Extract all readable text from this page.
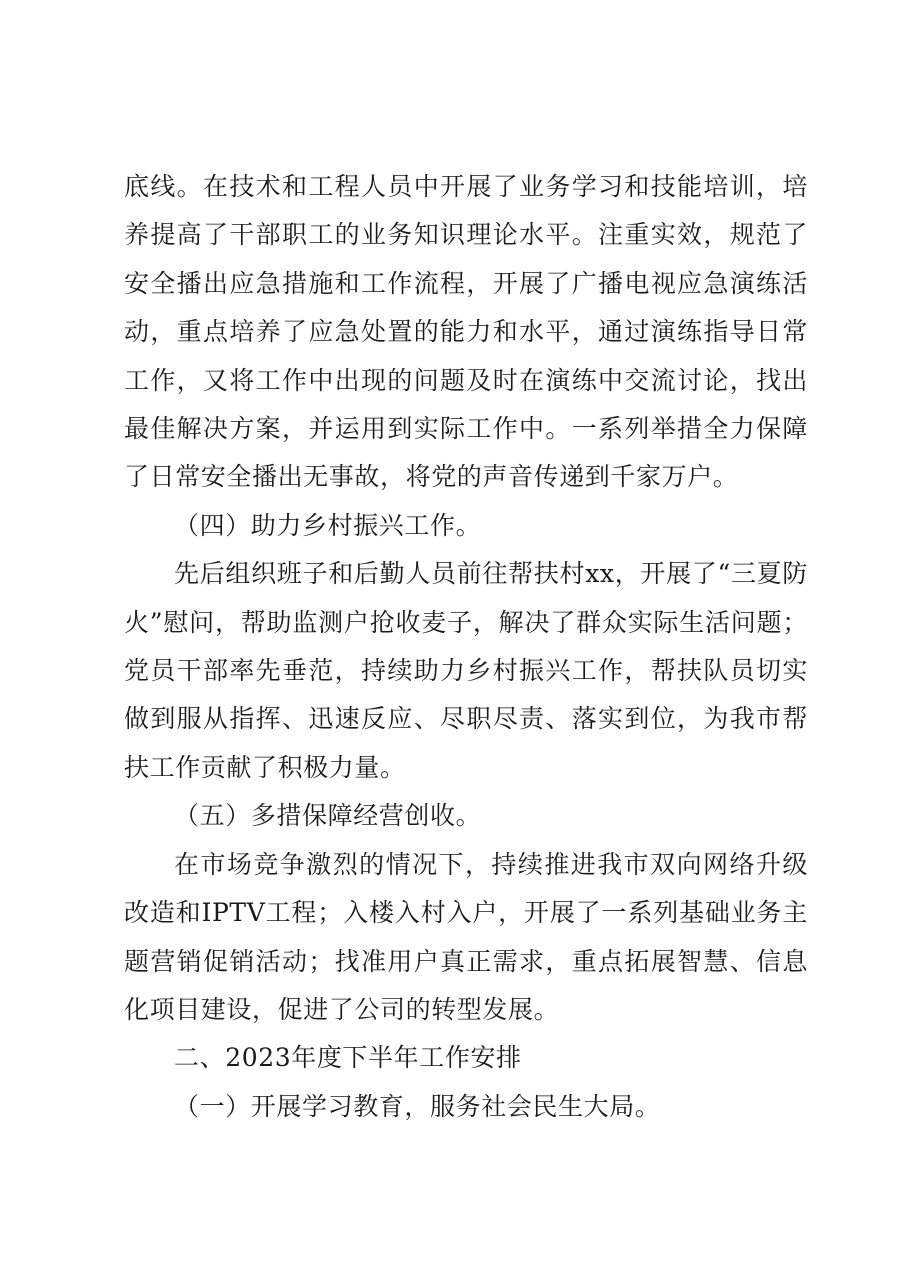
底线。在技术和工程人员中开展了业务学习和技能培训，培养提高了干部职工的业务知识理论水平。注重实效，规范了安全播出应急措施和工作流程，开展了广播电视应急演练活动，重点培养了应急处置的能力和水平，通过演练指导日常工作，又将工作中出现的问题及时在演练中交流讨论，找出最佳解决方案，并运用到实际工作中。一系列举措全力保障了日常安全播出无事故，将党的声音传递到千家万户。

（四）助力乡村振兴工作。

先后组织班子和后勤人员前往帮扶村xx，开展了“三夏防火”慰问，帮助监测户抢收麦子，解决了群众实际生活问题；党员干部率先垂范，持续助力乡村振兴工作，帮扶队员切实做到服从指挥、迅速反应、尽职尽责、落实到位，为我市帮扶工作贡献了积极力量。

（五）多措保障经营创收。

在市场竞争激烈的情况下，持续推进我市双向网络升级改造和IPTV工程；入楼入村入户，开展了一系列基础业务主题营销促销活动；找准用户真正需求，重点拓展智慧、信息化项目建设，促进了公司的转型发展。

二、2023年度下半年工作安排

（一）开展学习教育，服务社会民生大局。
